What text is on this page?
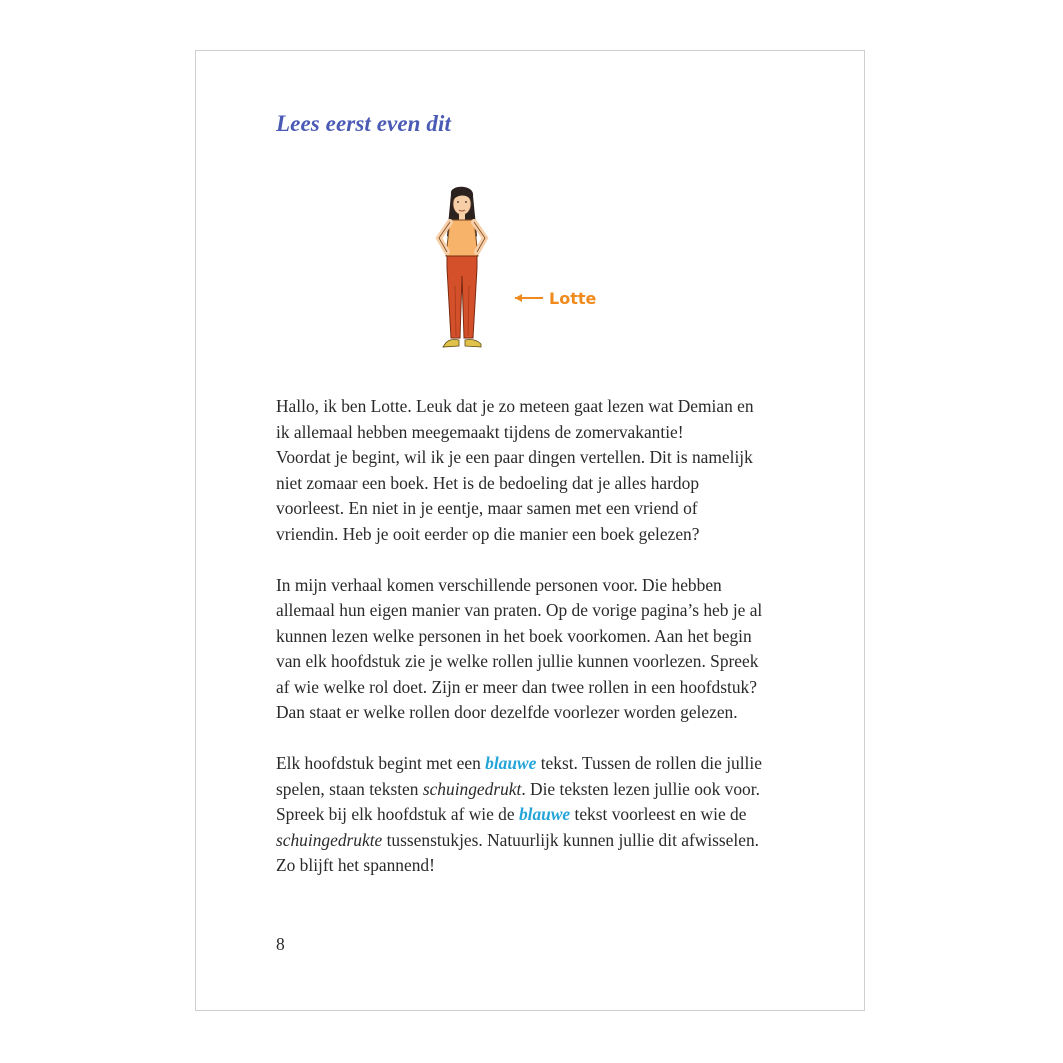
Lees eerst even dit
Lotte

Hallo, ik ben Lotte. Leuk dat je zo meteen gaat lezen wat Demian en
ik allemaal hebben meegemaakt tijdens de zomervakantie!
Voordat je begint, wil ik je een paar dingen vertellen. Dit is namelijk
niet zomaar een boek. Het is de bedoeling dat je alles hardop
voorleest. En niet in je eentje, maar samen met een vriend of
vriendin. Heb je ooit eerder op die manier een boek gelezen?

In mijn verhaal komen verschillende personen voor. Die hebben
allemaal hun eigen manier van praten. Op de vorige pagina’s heb je al
kunnen lezen welke personen in het boek voorkomen. Aan het begin
van elk hoofdstuk zie je welke rollen jullie kunnen voorlezen. Spreek
af wie welke rol doet. Zijn er meer dan twee rollen in een hoofdstuk?
Dan staat er welke rollen door dezelfde voorlezer worden gelezen.

Elk hoofdstuk begint met een blauwe tekst. Tussen de rollen die jullie
spelen, staan teksten schuingedrukt. Die teksten lezen jullie ook voor.
Spreek bij elk hoofdstuk af wie de blauwe tekst voorleest en wie de
schuingedrukte tussenstukjes. Natuurlijk kunnen jullie dit afwisselen.
Zo blijft het spannend!

8
